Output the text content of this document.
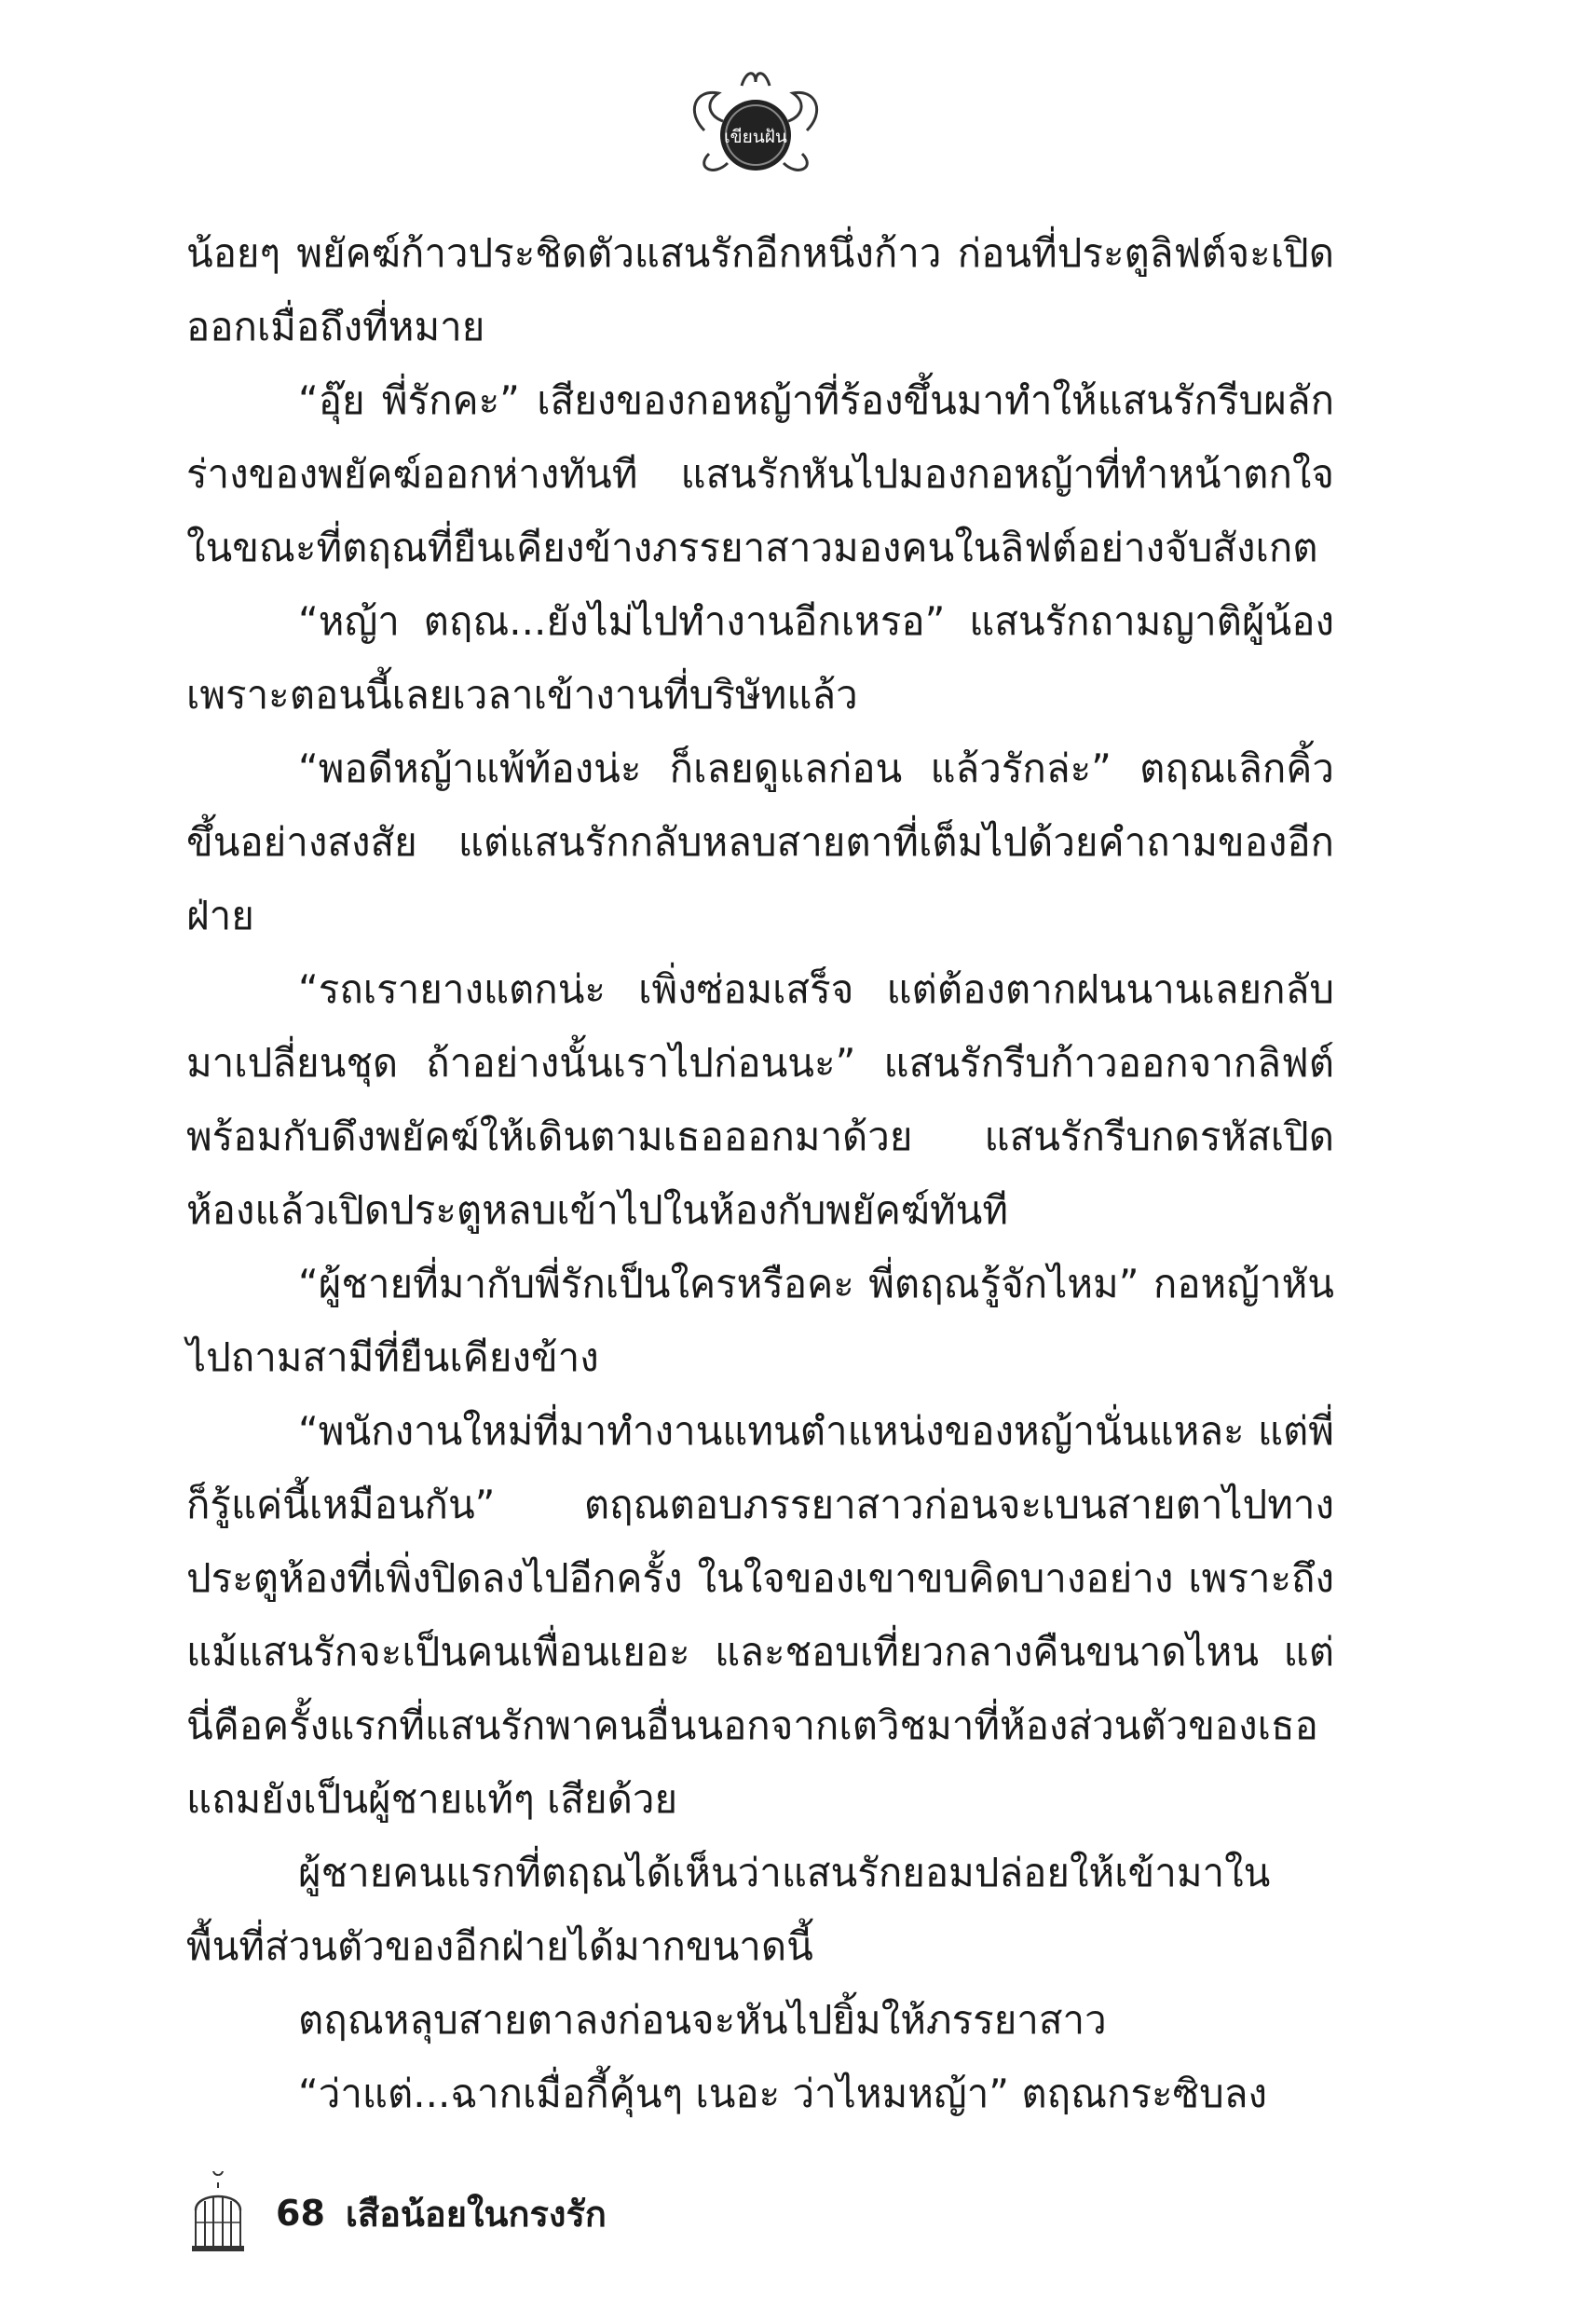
เขียนฝัน

น้อยๆ พยัคฆ์ก้าวประชิดตัวแสนรักอีกหนึ่งก้าว ก่อนที่ประตูลิฟต์จะเปิดออกเมื่อถึงที่หมาย

“อุ๊ย พี่รักคะ” เสียงของกอหญ้าที่ร้องขึ้นมาทำให้แสนรักรีบผลักร่างของพยัคฆ์ออกห่างทันที แสนรักหันไปมองกอหญ้าที่ทำหน้าตกใจ ในขณะที่ตฤณที่ยืนเคียงข้างภรรยาสาวมองคนในลิฟต์อย่างจับสังเกต

“หญ้า ตฤณ...ยังไม่ไปทำงานอีกเหรอ” แสนรักถามญาติผู้น้องเพราะตอนนี้เลยเวลาเข้างานที่บริษัทแล้ว

“พอดีหญ้าแพ้ท้องน่ะ ก็เลยดูแลก่อน แล้วรักล่ะ” ตฤณเลิกคิ้วขึ้นอย่างสงสัย แต่แสนรักกลับหลบสายตาที่เต็มไปด้วยคำถามของอีกฝ่าย

“รถเรายางแตกน่ะ เพิ่งซ่อมเสร็จ แต่ต้องตากฝนนานเลยกลับมาเปลี่ยนชุด ถ้าอย่างนั้นเราไปก่อนนะ” แสนรักรีบก้าวออกจากลิฟต์พร้อมกับดึงพยัคฆ์ให้เดินตามเธอออกมาด้วย แสนรักรีบกดรหัสเปิดห้องแล้วเปิดประตูหลบเข้าไปในห้องกับพยัคฆ์ทันที

“ผู้ชายที่มากับพี่รักเป็นใครหรือคะ พี่ตฤณรู้จักไหม” กอหญ้าหันไปถามสามีที่ยืนเคียงข้าง

“พนักงานใหม่ที่มาทำงานแทนตำแหน่งของหญ้านั่นแหละ แต่พี่ก็รู้แค่นี้เหมือนกัน” ตฤณตอบภรรยาสาวก่อนจะเบนสายตาไปทางประตูห้องที่เพิ่งปิดลงไปอีกครั้ง ในใจของเขาขบคิดบางอย่าง เพราะถึงแม้แสนรักจะเป็นคนเพื่อนเยอะ และชอบเที่ยวกลางคืนขนาดไหน แต่นี่คือครั้งแรกที่แสนรักพาคนอื่นนอกจากเตวิชมาที่ห้องส่วนตัวของเธอ แถมยังเป็นผู้ชายแท้ๆ เสียด้วย

ผู้ชายคนแรกที่ตฤณได้เห็นว่าแสนรักยอมปล่อยให้เข้ามาในพื้นที่ส่วนตัวของอีกฝ่ายได้มากขนาดนี้

ตฤณหลุบสายตาลงก่อนจะหันไปยิ้มให้ภรรยาสาว

“ว่าแต่...ฉากเมื่อกี้คุ้นๆ เนอะ ว่าไหมหญ้า” ตฤณกระซิบลง

68 เสือน้อยในกรงรัก
